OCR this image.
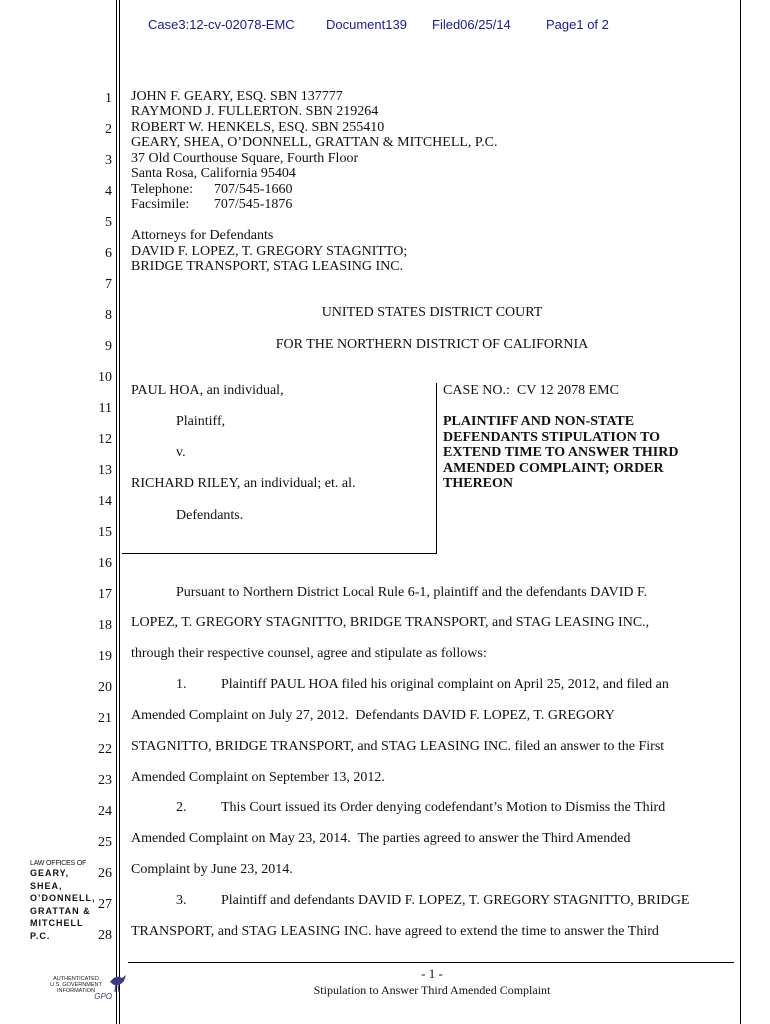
Case3:12-cv-02078-EMC Document139 Filed06/25/14	Page1 of 2
1
2
3
4
5
6
7
8
9
10
11
12
13
14
15
16
17
18
19
20
21
22
23
24
25
26
27
28
JOHN F. GEARY, ESQ. SBN 137777
RAYMOND J. FULLERTON. SBN 219264
ROBERT W. HENKELS, ESQ. SBN 255410
GEARY, SHEA, O’DONNELL, GRATTAN & MITCHELL, P.C.
37 Old Courthouse Square, Fourth Floor
Santa Rosa, California 95404
Telephone:      707/545-1660
Facsimile:       707/545-1876
Attorneys for Defendants
DAVID F. LOPEZ, T. GREGORY STAGNITTO;
BRIDGE TRANSPORT, STAG LEASING INC.
UNITED STATES DISTRICT COURT
FOR THE NORTHERN DISTRICT OF CALIFORNIA
PAUL HOA, an individual,
Plaintiff,
v.
RICHARD RILEY, an individual; et. al.
Defendants.
CASE NO.:  CV 12 2078 EMC
PLAINTIFF AND NON-STATE
DEFENDANTS STIPULATION TO
EXTEND TIME TO ANSWER THIRD
AMENDED COMPLAINT; ORDER
THEREON
Pursuant to Northern District Local Rule 6-1, plaintiff and the defendants DAVID F.
LOPEZ, T. GREGORY STAGNITTO, BRIDGE TRANSPORT, and STAG LEASING INC.,
through their respective counsel, agree and stipulate as follows:
1. Plaintiff PAUL HOA filed his original complaint on April 25, 2012, and filed an
Amended Complaint on July 27, 2012.  Defendants DAVID F. LOPEZ, T. GREGORY
STAGNITTO, BRIDGE TRANSPORT, and STAG LEASING INC. filed an answer to the First
Amended Complaint on September 13, 2012.
2. This Court issued its Order denying codefendant’s Motion to Dismiss the Third
Amended Complaint on May 23, 2014.  The parties agreed to answer the Third Amended
Complaint by June 23, 2014.
3. Plaintiff and defendants DAVID F. LOPEZ, T. GREGORY STAGNITTO, BRIDGE
TRANSPORT, and STAG LEASING INC. have agreed to extend the time to answer the Third
LAW OFFICES OF
GEARY,
SHEA,
O’DONNELL,
GRATTAN &
MITCHELL
P.C.
- 1 -
Stipulation to Answer Third Amended Complaint
AUTHENTICATED
U.S. GOVERNMENT
INFORMATION
GPO
